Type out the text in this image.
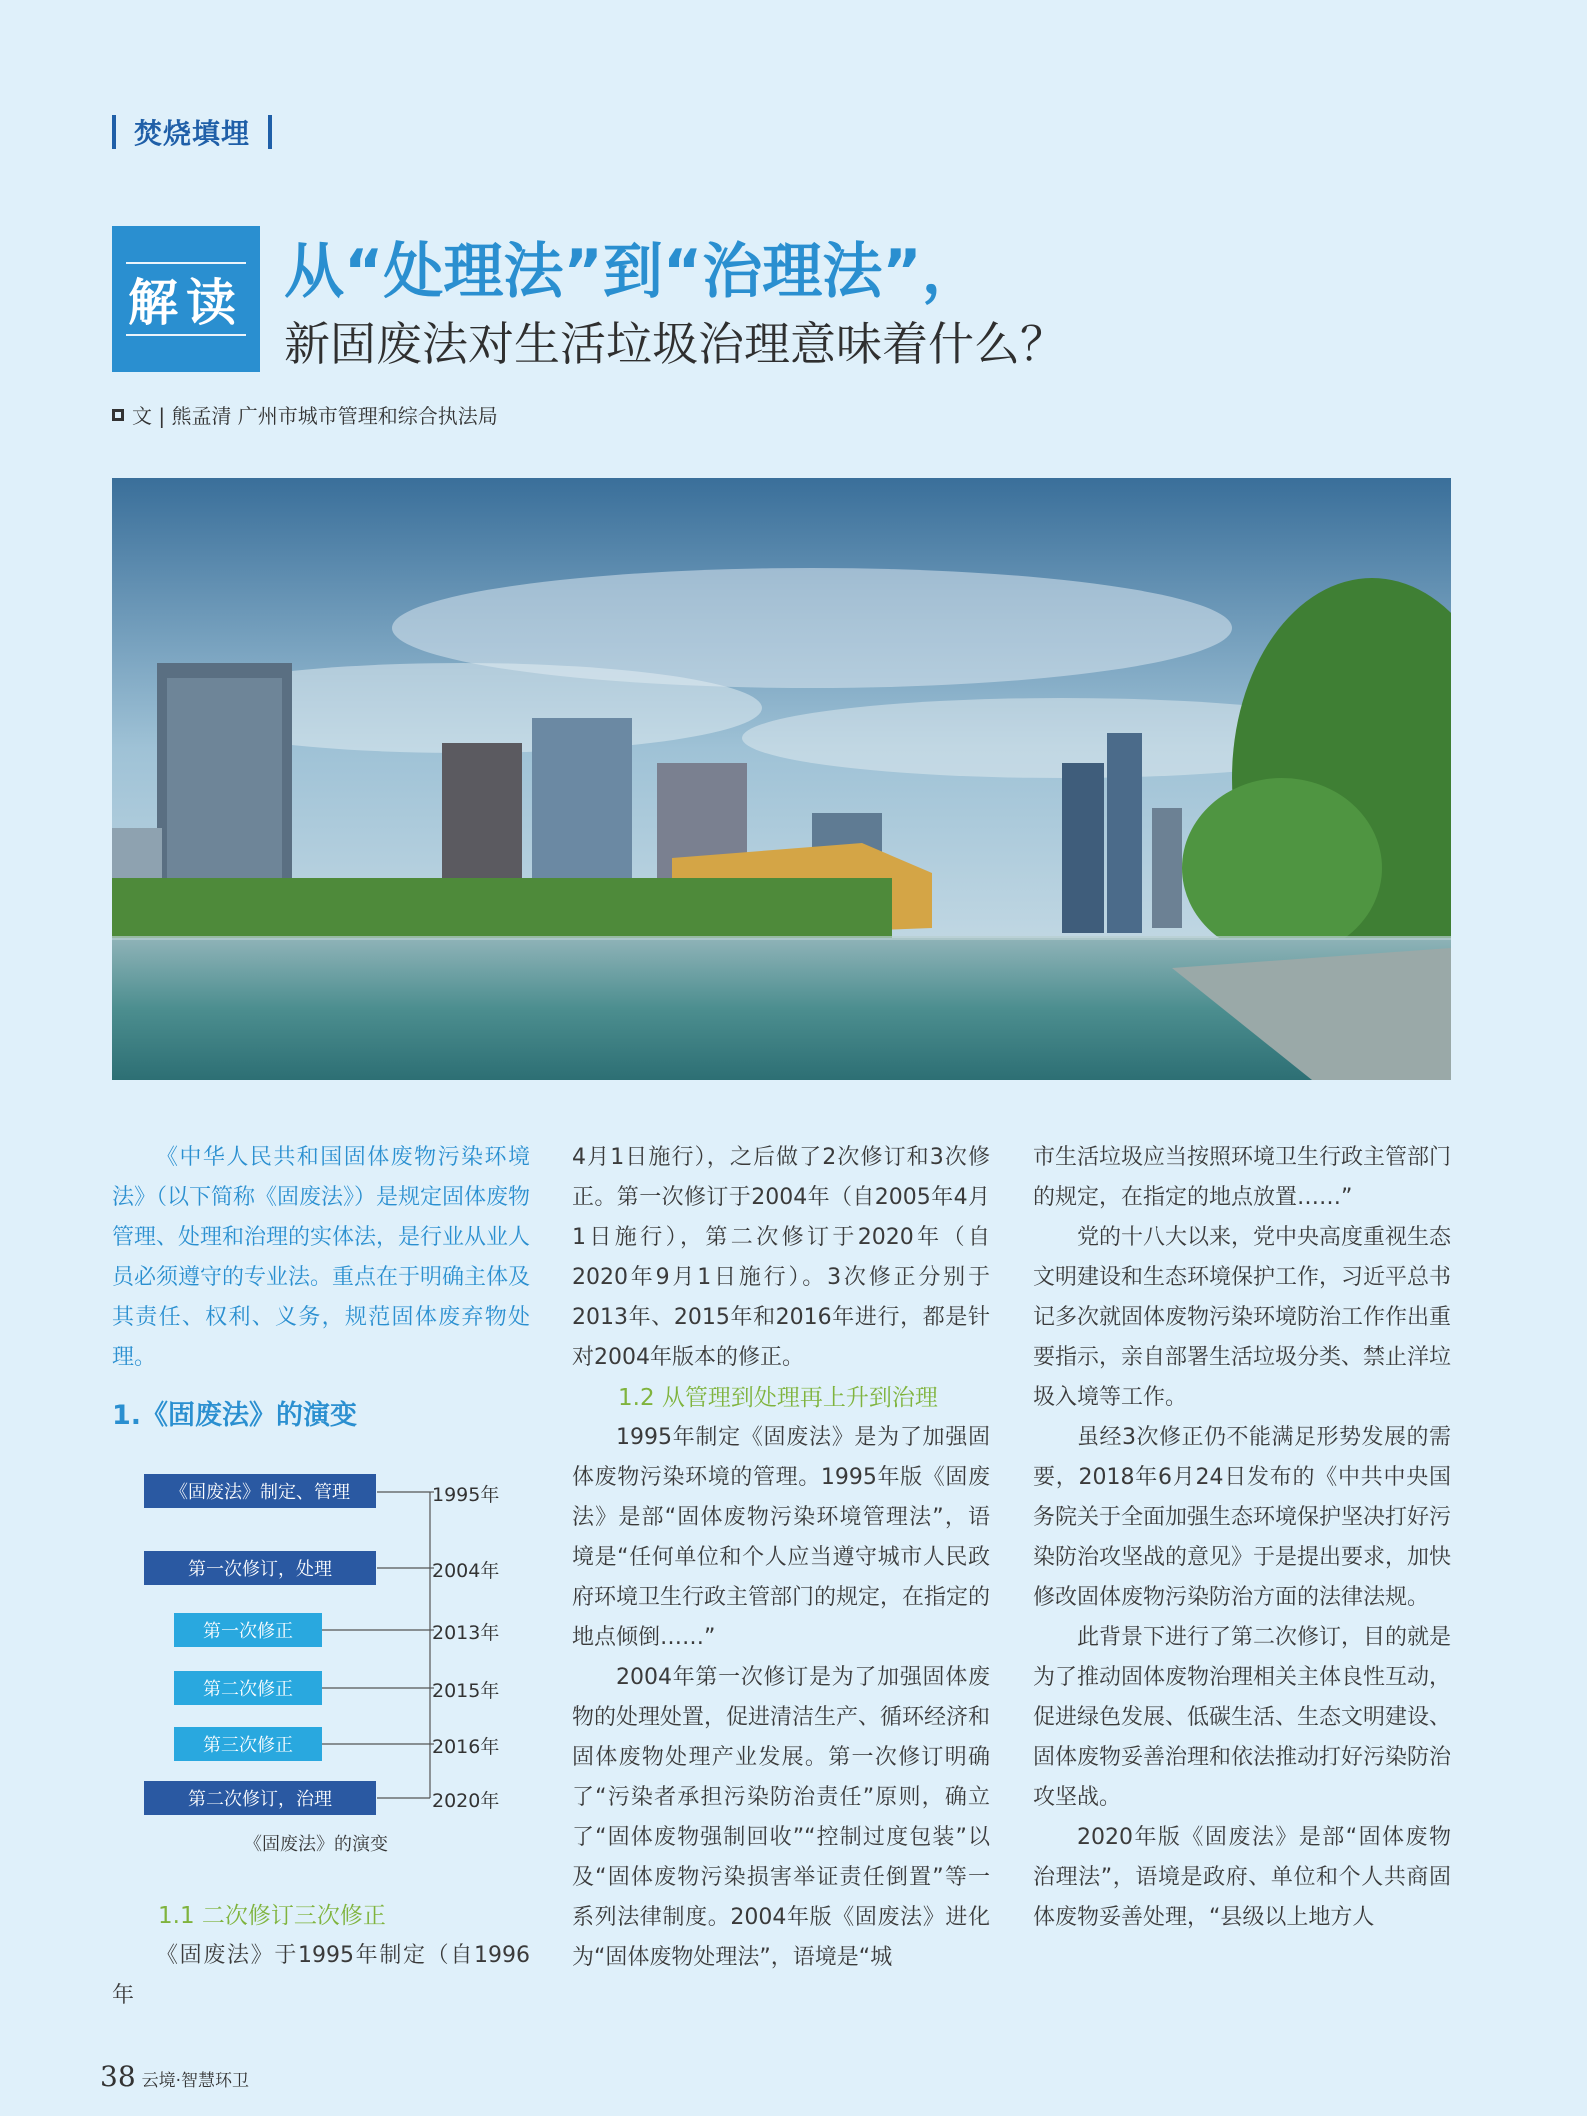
焚烧填埋
解读 从“处理法”到“治理法”，
新固废法对生活垃圾治理意味着什么？
文 | 熊孟清 广州市城市管理和综合执法局

《中华人民共和国固体废物污染环境法》（以下简称《固废法》）是规定固体废物管理、处理和治理的实体法，是行业从业人员必须遵守的专业法。重点在于明确主体及其责任、权利、义务，规范固体废弃物处理。

1.《固废法》的演变

《固废法》制定、管理
第一次修订，处理
第一次修正
第二次修正
第三次修正
第二次修订，治理
1995年
2004年
2013年
2015年
2016年
2020年
《固废法》的演变

1.1 二次修订三次修正

《固废法》于1995年制定（自1996年

4月1日施行），之后做了2次修订和3次修正。第一次修订于2004年（自2005年4月1日施行），第二次修订于2020年（自2020年9月1日施行）。3次修正分别于2013年、2015年和2016年进行，都是针对2004年版本的修正。

1.2 从管理到处理再上升到治理

1995年制定《固废法》是为了加强固体废物污染环境的管理。1995年版《固废法》是部“固体废物污染环境管理法”，语境是“任何单位和个人应当遵守城市人民政府环境卫生行政主管部门的规定，在指定的地点倾倒……”

2004年第一次修订是为了加强固体废物的处理处置，促进清洁生产、循环经济和固体废物处理产业发展。第一次修订明确了“污染者承担污染防治责任”原则，确立了“固体废物强制回收”“控制过度包装”以及“固体废物污染损害举证责任倒置”等一系列法律制度。2004年版《固废法》进化为“固体废物处理法”，语境是“城

市生活垃圾应当按照环境卫生行政主管部门的规定，在指定的地点放置……”

党的十八大以来，党中央高度重视生态文明建设和生态环境保护工作，习近平总书记多次就固体废物污染环境防治工作作出重要指示，亲自部署生活垃圾分类、禁止洋垃圾入境等工作。

虽经3次修正仍不能满足形势发展的需要，2018年6月24日发布的《中共中央国务院关于全面加强生态环境保护坚决打好污染防治攻坚战的意见》于是提出要求，加快修改固体废物污染防治方面的法律法规。

此背景下进行了第二次修订，目的就是为了推动固体废物治理相关主体良性互动，促进绿色发展、低碳生活、生态文明建设、固体废物妥善治理和依法推动打好污染防治攻坚战。

2020年版《固废法》是部“固体废物治理法”，语境是政府、单位和个人共商固体废物妥善处理，“县级以上地方人

38 云境·智慧环卫
